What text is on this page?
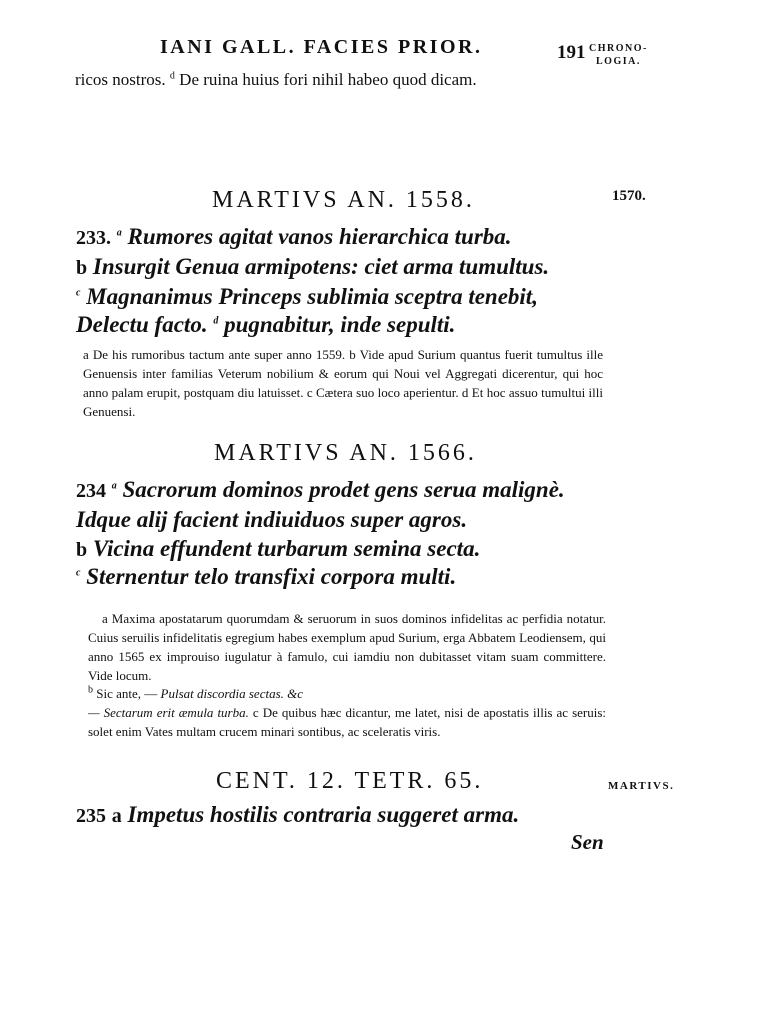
IANI GALL. FACIES PRIOR.	191 CHRONO-
LOGIA.
ricos nostros. $^d$ De ruina huius fori nihil habeo quod dicam.
MARTIVS AN. 1558.	1570.
233. $^a$ Rumores agitat vanos hierarchica turba.
b Insurgit Genua armipotens: ciet arma tumultus.
$^c$ Magnanimus Princeps sublimia sceptra tenebit,
Delectu facto. $^d$ pugnabitur, inde sepulti.
a De his rumoribus tactum ante super anno 1559. b Vide apud Surium quantus fuerit tumultus ille Genuensis inter familias Veterum nobilium & eorum qui Noui vel Aggregati dicerentur, qui hoc anno palam erupit, postquam diu latuisset. c Cætera suo loco aperientur. d Et hoc assuo tumultui illi Genuensi.
MARTIVS AN. 1566.
234 $^a$ Sacrorum dominos prodet gens serua malignè.
Idque alij facient indiuiduos super agros.
b Vicina effundent turbarum semina secta.
$^c$ Sternentur telo transfixi corpora multi.
a Maxima apostatarum quorumdam & seruorum in suos dominos infidelitas ac perfidia notatur. Cuius seruilis infidelitatis egregium habes exemplum apud Surium, erga Abbatem Leodiensem, qui anno 1565 ex improuiso iugulatur à famulo, cui iamdiu non dubitasset vitam suam committere. Vide locum.
$^b$ Sic ante, — Pulsat discordia sectas. &c
— Sectarum erit æmula turba. c De quibus hæc dicantur, me latet, nisi de apostatis illis ac seruis: solet enim Vates multam crucem minari sontibus, ac sceleratis viris.
CENT. 12. TETR. 65.	MARTIVS.
235 a Impetus hostilis contraria suggeret arma.
Sen
